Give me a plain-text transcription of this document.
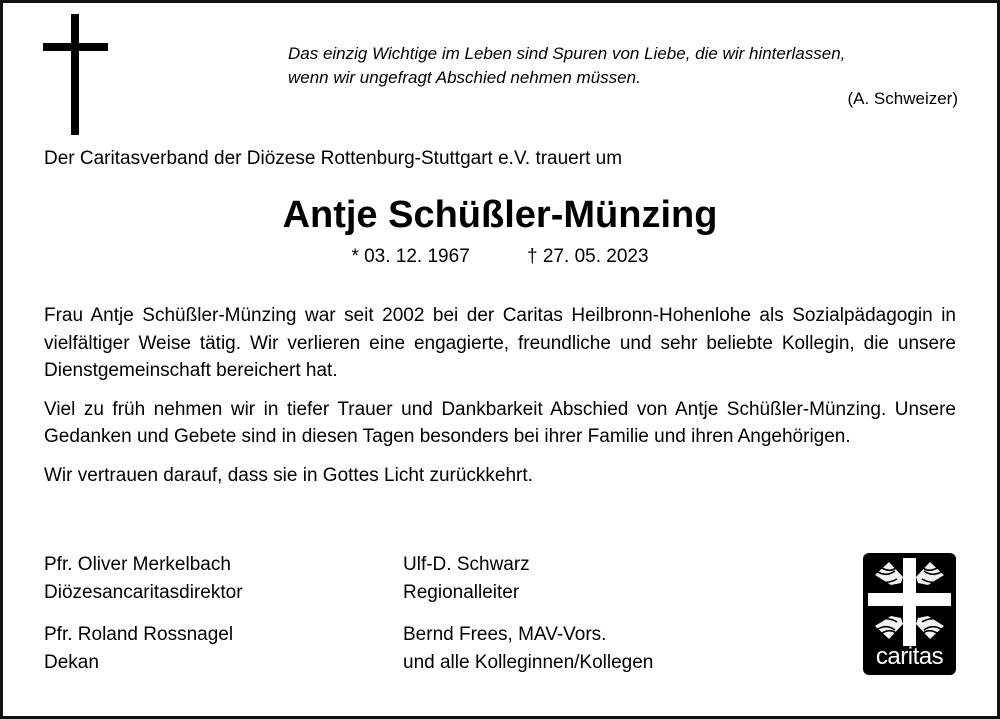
Das einzig Wichtige im Leben sind Spuren von Liebe, die wir hinterlassen,
wenn wir ungefragt Abschied nehmen müssen.
(A. Schweizer)
Der Caritasverband der Diözese Rottenburg-Stuttgart e.V. trauert um
Antje Schüßler-Münzing
* 03. 12. 1967	† 27. 05. 2023

Frau Antje Schüßler-Münzing war seit 2002 bei der Caritas Heilbronn-Hohenlohe als Sozialpädagogin in vielfältiger Weise tätig. Wir verlieren eine engagierte, freundliche und sehr beliebte Kollegin, die unsere Dienstgemeinschaft bereichert hat.

Viel zu früh nehmen wir in tiefer Trauer und Dankbarkeit Abschied von Antje Schüßler-Münzing. Unsere Gedanken und Gebete sind in diesen Tagen besonders bei ihrer Familie und ihren Angehörigen.

Wir vertrauen darauf, dass sie in Gottes Licht zurückkehrt.

Pfr. Oliver Merkelbach
Diözesancaritasdirektor
Ulf-D. Schwarz
Regionalleiter
Pfr. Roland Rossnagel
Dekan
Bernd Frees, MAV-Vors.
und alle Kolleginnen/Kollegen	caritas
